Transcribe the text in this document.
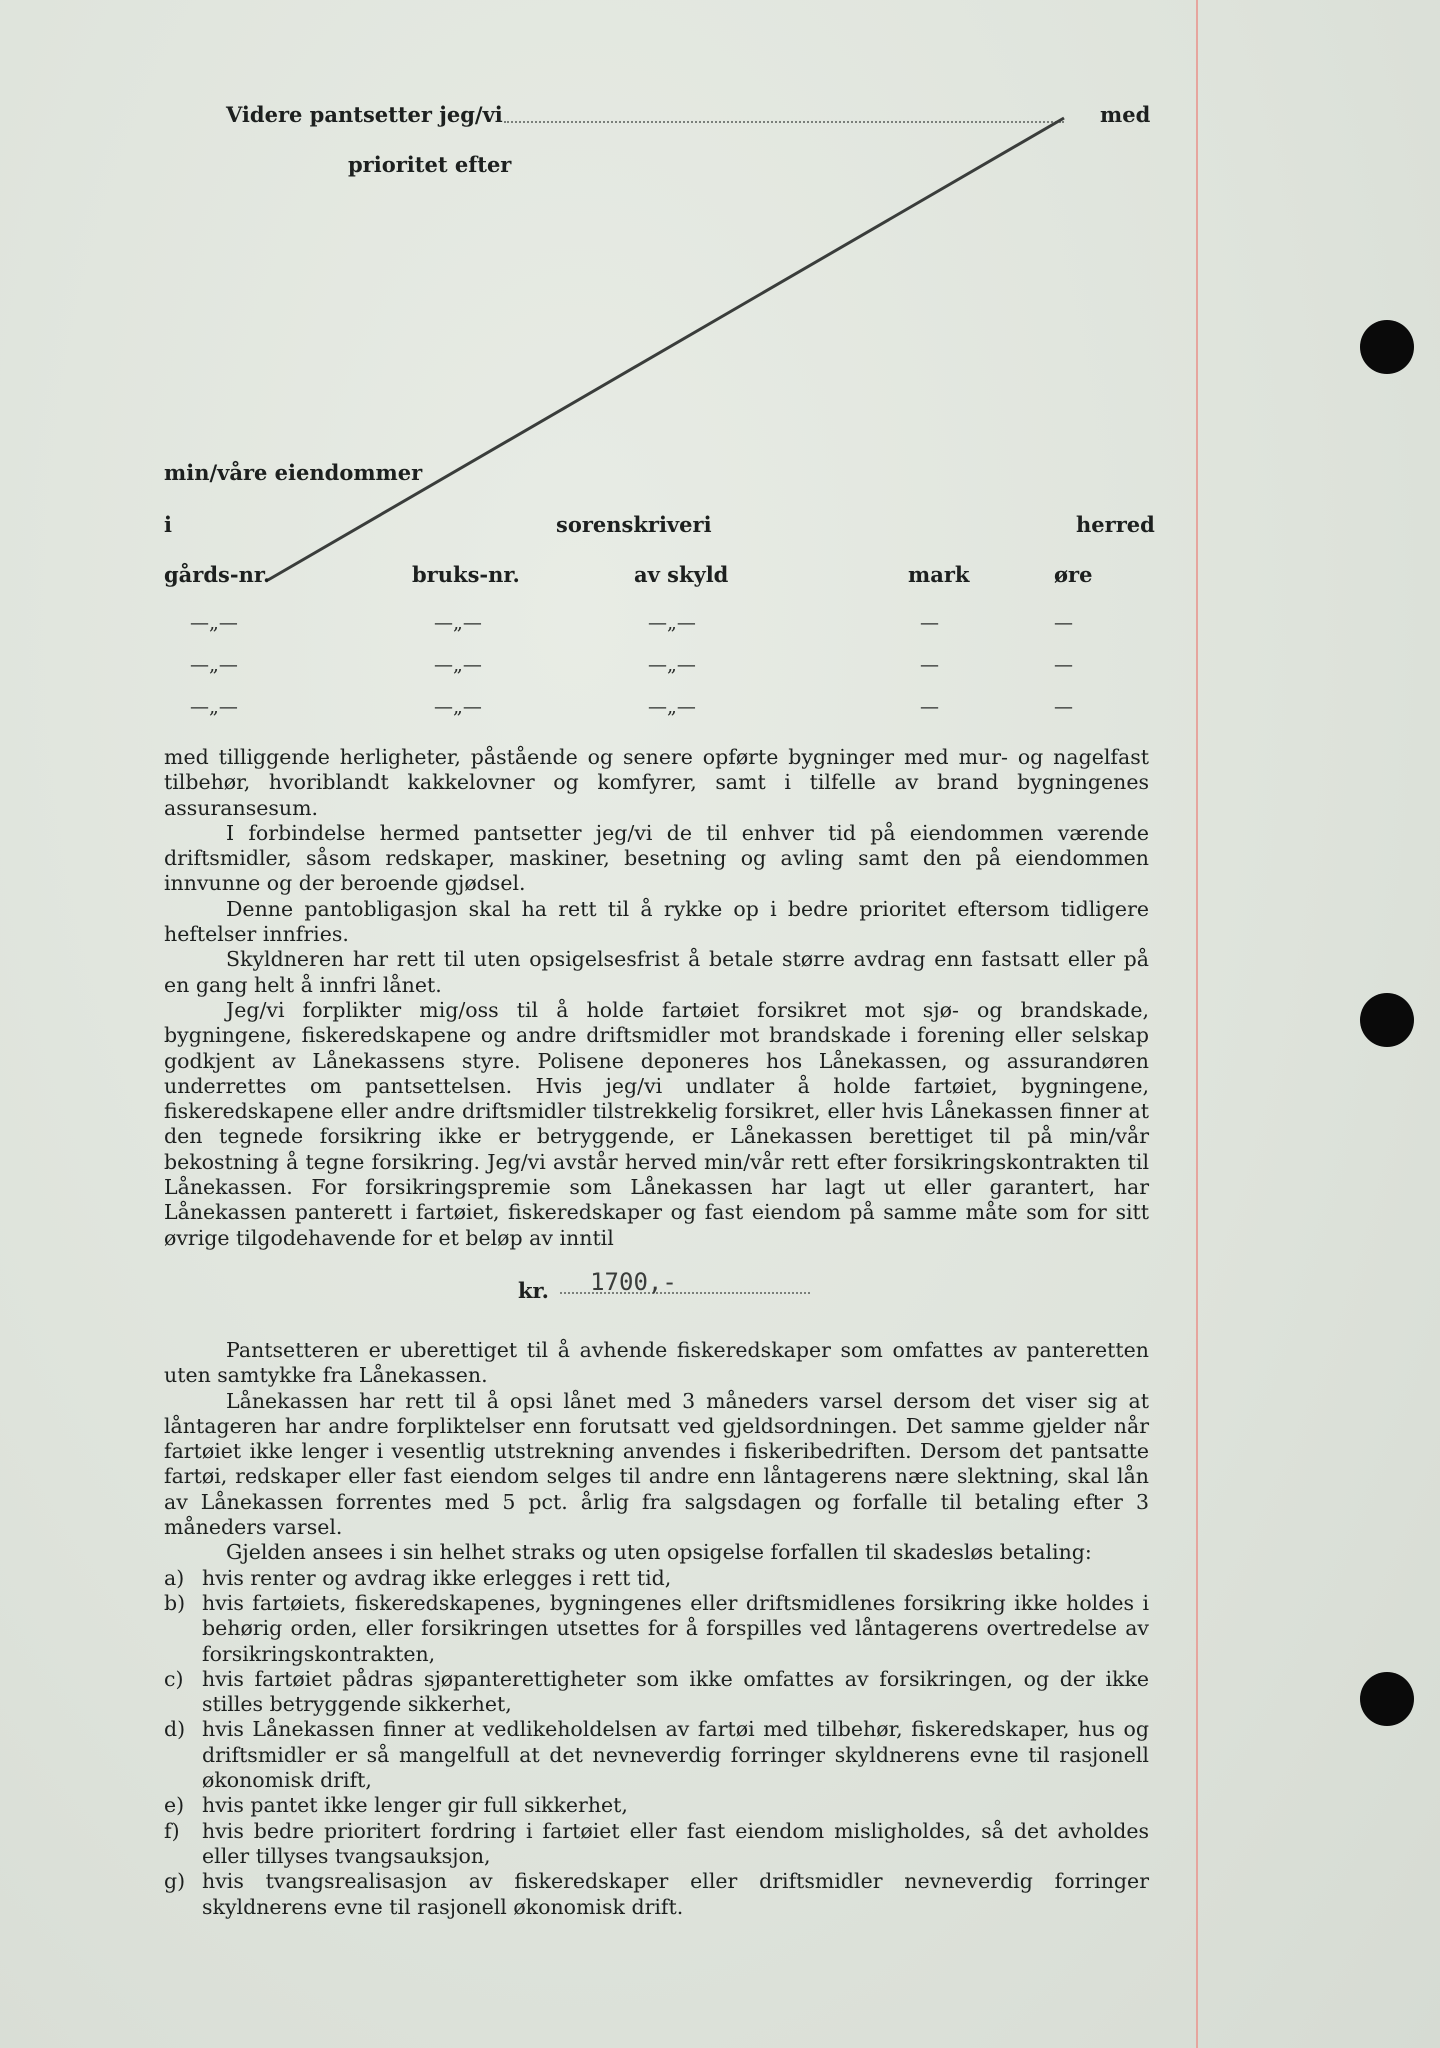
Videre pantsetter jeg/vi	med
prioritet efter
min/våre eiendommer
i	sorenskriveri	herred
gårds-nr.	bruks-nr.	av skyld	mark	øre
—„—	—„—	—„—	—	—
—„—	—„—	—„—	—	—
—„—	—„—	—„—	—	—

med tilliggende herligheter, påstående og senere opførte bygninger med mur- og nagelfast tilbehør, hvoriblandt kakkelovner og komfyrer, samt i tilfelle av brand bygningenes assuransesum.

I forbindelse hermed pantsetter jeg/vi de til enhver tid på eiendommen værende driftsmidler, såsom redskaper, maskiner, besetning og avling samt den på eiendommen innvunne og der beroende gjødsel.

Denne pantobligasjon skal ha rett til å rykke op i bedre prioritet eftersom tidligere heftelser innfries.

Skyldneren har rett til uten opsigelsesfrist å betale større avdrag enn fastsatt eller på en gang helt å innfri lånet.

Jeg/vi forplikter mig/oss til å holde fartøiet forsikret mot sjø- og brandskade, bygningene, fiskeredskapene og andre driftsmidler mot brandskade i forening eller selskap godkjent av Lånekassens styre. Polisene deponeres hos Lånekassen, og assurandøren underrettes om pantsettelsen. Hvis jeg/vi undlater å holde fartøiet, bygningene, fiskeredskapene eller andre driftsmidler tilstrekkelig forsikret, eller hvis Lånekassen finner at den tegnede forsikring ikke er betryggende, er Lånekassen berettiget til på min/vår bekostning å tegne forsikring. Jeg/vi avstår herved min/vår rett efter forsikringskontrakten til Lånekassen. For forsikringspremie som Lånekassen har lagt ut eller garantert, har Lånekassen panterett i fartøiet, fiskeredskaper og fast eiendom på samme måte som for sitt øvrige tilgodehavende for et beløp av inntil

kr. 1700,-

Pantsetteren er uberettiget til å avhende fiskeredskaper som omfattes av panteretten uten samtykke fra Lånekassen.

Lånekassen har rett til å opsi lånet med 3 måneders varsel dersom det viser sig at låntageren har andre forpliktelser enn forutsatt ved gjeldsordningen. Det samme gjelder når fartøiet ikke lenger i vesentlig utstrekning anvendes i fiskeribedriften. Dersom det pantsatte fartøi, redskaper eller fast eiendom selges til andre enn låntagerens nære slektning, skal lån av Lånekassen forrentes med 5 pct. årlig fra salgsdagen og forfalle til betaling efter 3 måneders varsel.

Gjelden ansees i sin helhet straks og uten opsigelse forfallen til skadesløs betaling:

a) hvis renter og avdrag ikke erlegges i rett tid,
b) hvis fartøiets, fiskeredskapenes, bygningenes eller driftsmidlenes forsikring ikke holdes i behørig orden, eller forsikringen utsettes for å forspilles ved låntagerens overtredelse av forsikringskontrakten,
c) hvis fartøiet pådras sjøpanterettigheter som ikke omfattes av forsikringen, og der ikke stilles betryggende sikkerhet,
d) hvis Lånekassen finner at vedlikeholdelsen av fartøi med tilbehør, fiskeredskaper, hus og driftsmidler er så mangelfull at det nevneverdig forringer skyldnerens evne til rasjonell økonomisk drift,
e) hvis pantet ikke lenger gir full sikkerhet,
f)	hvis bedre prioritert fordring i fartøiet eller fast eiendom misligholdes, så det avholdes eller tillyses tvangsauksjon,
g) hvis tvangsrealisasjon av fiskeredskaper eller driftsmidler nevneverdig forringer skyldnerens evne til rasjonell økonomisk drift.
